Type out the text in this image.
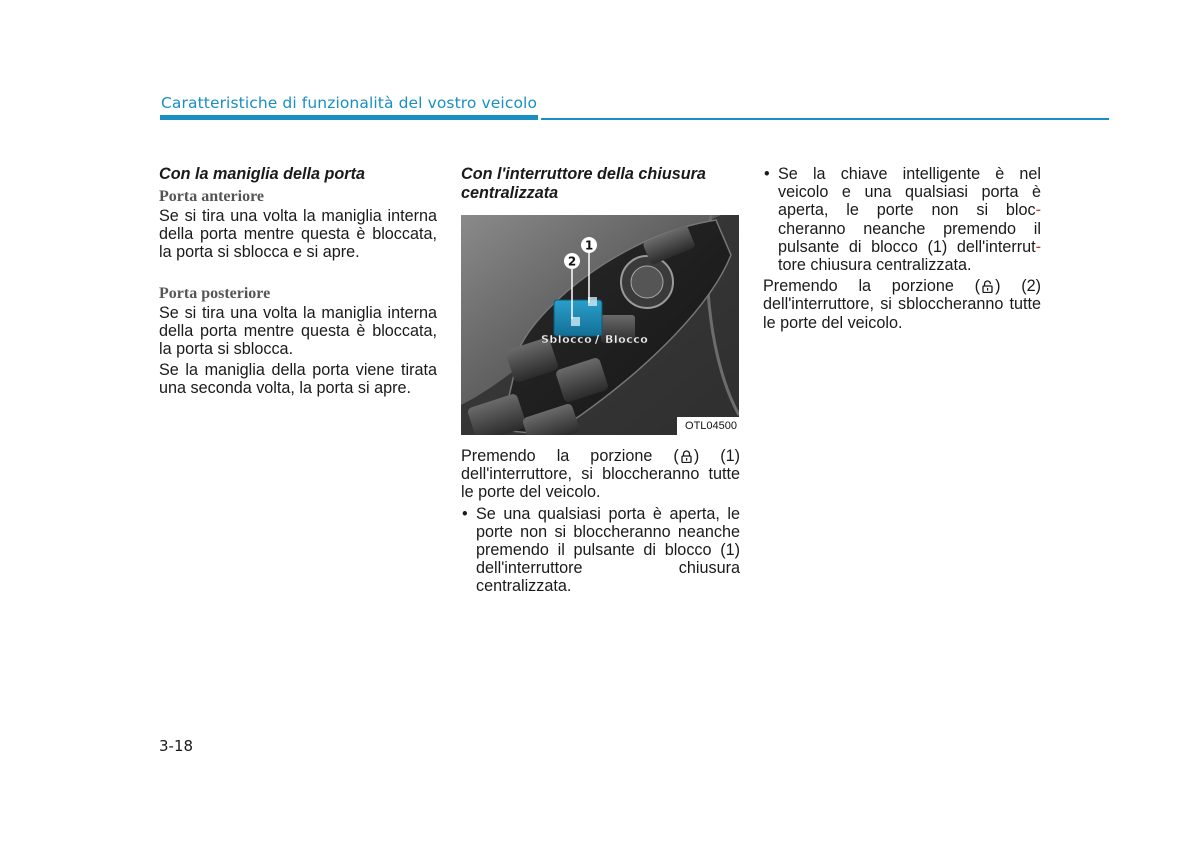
Caratteristiche di funzionalità del vostro veicolo
Con la maniglia della porta
Porta anteriore

Se si tira una volta la maniglia interna della porta mentre questa è bloccata, la porta si sblocca e si apre.

Porta posteriore

Se si tira una volta la maniglia interna della porta mentre questa è bloccata, la porta si sblocca.

Se la maniglia della porta viene tirata una seconda volta, la porta si apre.

Con l'interruttore della chiusura centralizzata
1
2
Sblocco / Blocco
OTL04500

Premendo la porzione ( ) (1) dell'interruttore, si bloccheranno tutte le porte del veicolo.

• Se una qualsiasi porta è aperta, le porte non si bloccheranno neanche premendo il pulsante di blocco (1) dell'interruttore chiusura centralizzata.

• Se la chiave intelligente è nel veicolo e una qualsiasi porta è aperta, le porte non si bloc- cheranno neanche premendo il pulsante di blocco (1) dell'interrut- tore chiusura centralizzata.

Premendo la porzione ( ) (2) dell'interruttore, si sbloccheranno tutte le porte del veicolo.

3-18
